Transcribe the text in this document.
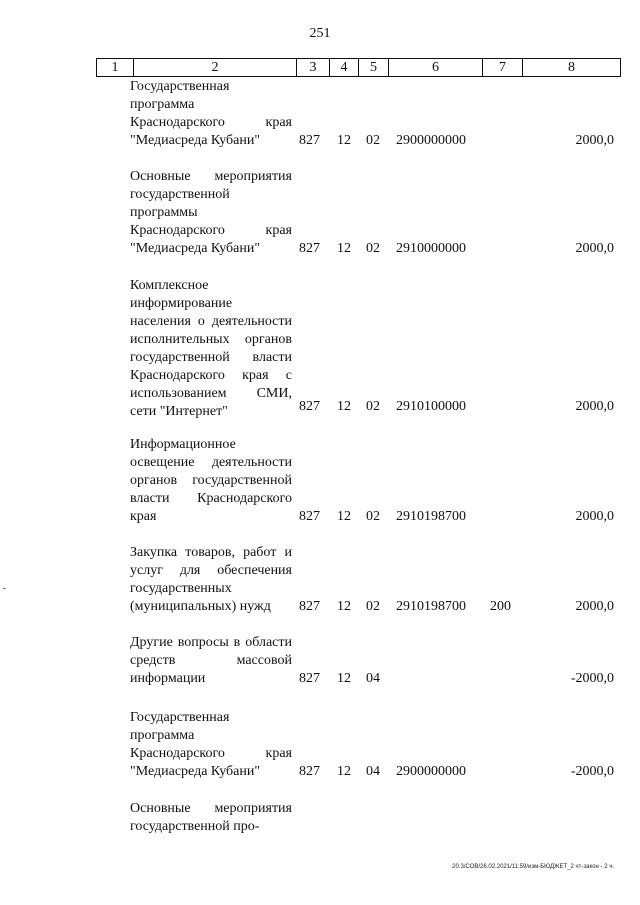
251
1	2	3	4	5	6	7	8
Государственная программа Краснодарского края "Медиасреда Кубани"	827 12 02 2900000000	2000,0
Основные мероприятия государственной программы Краснодарского края "Медиасреда Кубани"	827 12 02 2910000000	2000,0
Комплексное информирование населения о деятельности исполнительных органов государственной власти Краснодарского края с использованием СМИ, сети "Интернет"	827 12 02 2910100000	2000,0
Информационное освещение деятельности органов государственной власти Краснодарского края	827 12 02 2910198700	2000,0
Закупка товаров, работ и услуг для обеспечения государственных (муниципальных) нужд	827 12 02 2910198700 200	2000,0
Другие вопросы в области средств массовой информации	827 12 04	-2000,0
Государственная программа Краснодарского края "Медиасреда Кубани"	827 12 04 2900000000	-2000,0
Основные мероприятия государственной про-
20.3/СОВ/26.02.2021/11:59/изм-БЮДЖЕТ_2 чт-закон - 2 ч.
